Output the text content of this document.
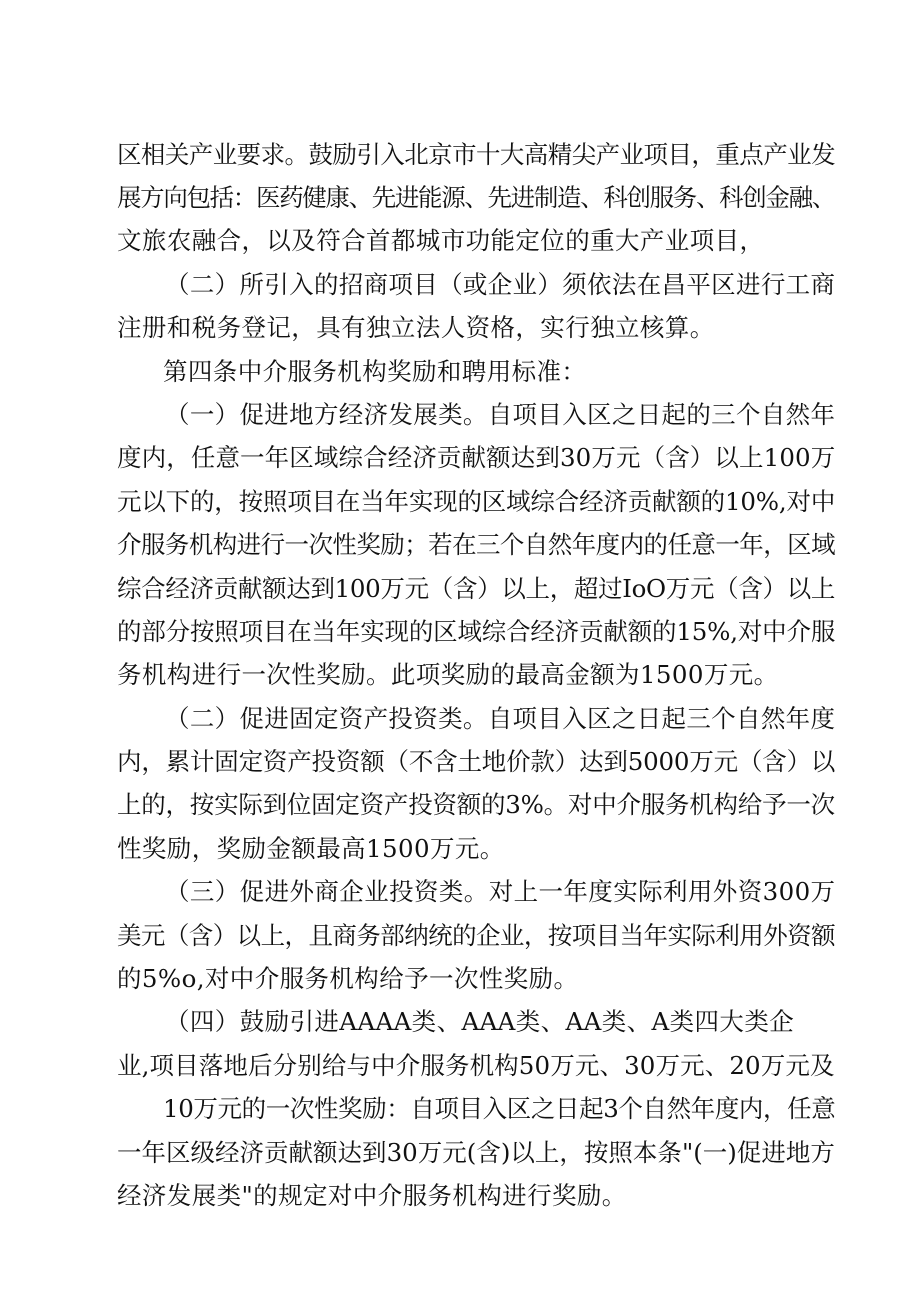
区相关产业要求。鼓励引入北京市十大高精尖产业项目，重点产业发
展方向包括：医药健康、先进能源、先进制造、科创服务、科创金融、
文旅农融合，以及符合首都城市功能定位的重大产业项目，
（二）所引入的招商项目（或企业）须依法在昌平区进行工商
注册和税务登记，具有独立法人资格，实行独立核算。
第四条中介服务机构奖励和聘用标准：
（一）促进地方经济发展类。自项目入区之日起的三个自然年
度内，任意一年区域综合经济贡献额达到30万元（含）以上100万
元以下的，按照项目在当年实现的区域综合经济贡献额的10%,对中
介服务机构进行一次性奖励；若在三个自然年度内的任意一年，区域
综合经济贡献额达到100万元（含）以上，超过IoO万元（含）以上
的部分按照项目在当年实现的区域综合经济贡献额的15%,对中介服
务机构进行一次性奖励。此项奖励的最高金额为1500万元。
（二）促进固定资产投资类。自项目入区之日起三个自然年度
内，累计固定资产投资额（不含土地价款）达到5000万元（含）以
上的，按实际到位固定资产投资额的3%。对中介服务机构给予一次
性奖励，奖励金额最高1500万元。
（三）促进外商企业投资类。对上一年度实际利用外资300万
美元（含）以上，且商务部纳统的企业，按项目当年实际利用外资额
的5%o,对中介服务机构给予一次性奖励。
（四）鼓励引进AAAA类、AAA类、AA类、A类四大类企
业,项目落地后分别给与中介服务机构50万元、30万元、20万元及
10万元的一次性奖励：自项目入区之日起3个自然年度内，任意
一年区级经济贡献额达到30万元(含)以上，按照本条"(一)促进地方
经济发展类"的规定对中介服务机构进行奖励。
